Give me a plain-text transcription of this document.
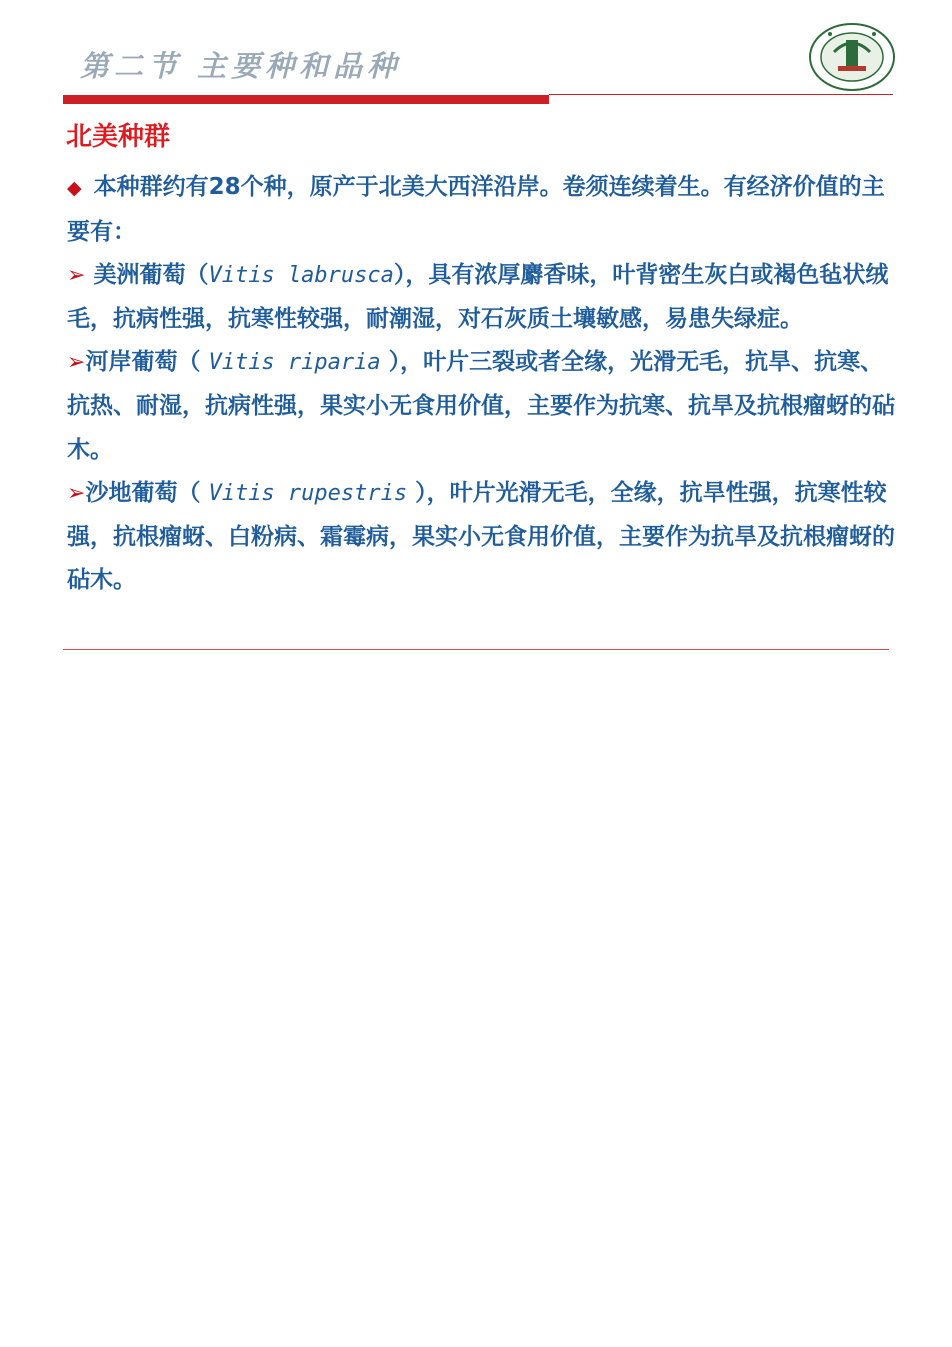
第二节 主要种和品种
北美种群

◆ 本种群约有28个种，原产于北美大西洋沿岸。卷须连续着生。有经济价值的主要有：

➢ 美洲葡萄（Vitis labrusca），具有浓厚麝香味，叶背密生灰白或褐色毡状绒毛，抗病性强，抗寒性较强，耐潮湿，对石灰质土壤敏感，易患失绿症。

➢河岸葡萄（ Vitis riparia ），叶片三裂或者全缘，光滑无毛，抗旱、抗寒、抗热、耐湿，抗病性强，果实小无食用价值，主要作为抗寒、抗旱及抗根瘤蚜的砧木。

➢沙地葡萄（ Vitis rupestris ），叶片光滑无毛，全缘，抗旱性强，抗寒性较强，抗根瘤蚜、白粉病、霜霉病，果实小无食用价值，主要作为抗旱及抗根瘤蚜的砧木。
